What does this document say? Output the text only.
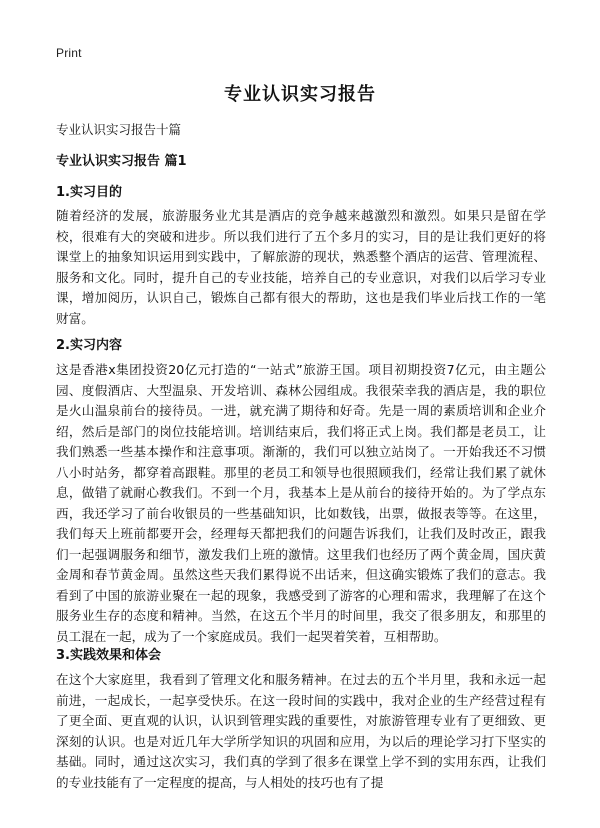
Print
专业认识实习报告
专业认识实习报告十篇
专业认识实习报告 篇1
1.实习目的

随着经济的发展，旅游服务业尤其是酒店的竞争越来越激烈和激烈。如果只是留在学校，很难有大的突破和进步。所以我们进行了五个多月的实习，目的是让我们更好的将课堂上的抽象知识运用到实践中，了解旅游的现状，熟悉整个酒店的运营、管理流程、服务和文化。同时，提升自己的专业技能，培养自己的专业意识，对我们以后学习专业课，增加阅历，认识自己，锻炼自己都有很大的帮助，这也是我们毕业后找工作的一笔财富。

2.实习内容

这是香港x集团投资20亿元打造的“一站式”旅游王国。项目初期投资7亿元，由主题公园、度假酒店、大型温泉、开发培训、森林公园组成。我很荣幸我的酒店是，我的职位是火山温泉前台的接待员。一进，就充满了期待和好奇。先是一周的素质培训和企业介绍，然后是部门的岗位技能培训。培训结束后，我们将正式上岗。我们都是老员工，让我们熟悉一些基本操作和注意事项。渐渐的，我们可以独立站岗了。一开始我还不习惯八小时站务，都穿着高跟鞋。那里的老员工和领导也很照顾我们，经常让我们累了就休息，做错了就耐心教我们。不到一个月，我基本上是从前台的接待开始的。为了学点东西，我还学习了前台收银员的一些基础知识，比如数钱，出票，做报表等等。在这里，我们每天上班前都要开会，经理每天都把我们的问题告诉我们，让我们及时改正，跟我们一起强调服务和细节，激发我们上班的激情。这里我们也经历了两个黄金周，国庆黄金周和春节黄金周。虽然这些天我们累得说不出话来，但这确实锻炼了我们的意志。我看到了中国的旅游业聚在一起的现象，我感受到了游客的心理和需求，我理解了在这个服务业生存的态度和精神。当然，在这五个半月的时间里，我交了很多朋友，和那里的员工混在一起，成为了一个家庭成员。我们一起哭着笑着，互相帮助。

3.实践效果和体会

在这个大家庭里，我看到了管理文化和服务精神。在过去的五个半月里，我和永远一起前进，一起成长，一起享受快乐。在这一段时间的实践中，我对企业的生产经营过程有了更全面、更直观的认识，认识到管理实践的重要性，对旅游管理专业有了更细致、更深刻的认识。也是对近几年大学所学知识的巩固和应用，为以后的理论学习打下坚实的基础。同时，通过这次实习，我们真的学到了很多在课堂上学不到的实用东西，让我们的专业技能有了一定程度的提高，与人相处的技巧也有了提
